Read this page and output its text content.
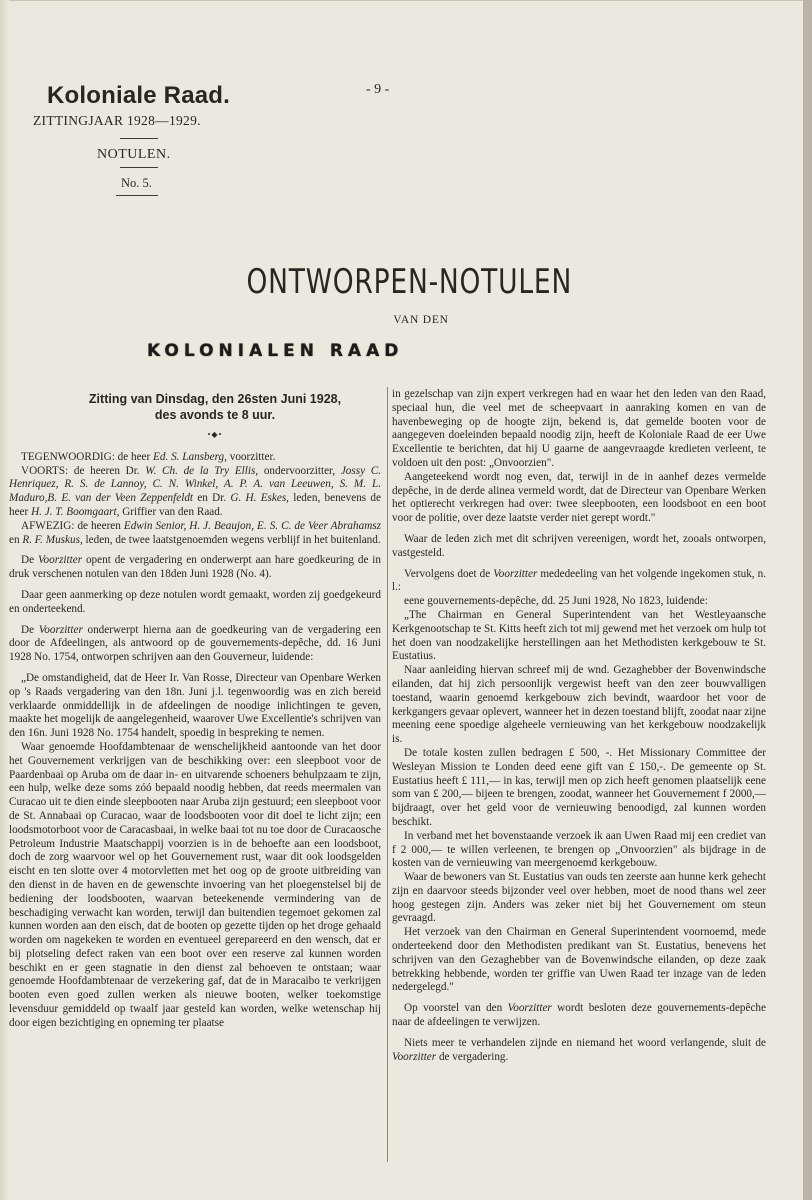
Koloniale Raad.
ZITTINGJAAR 1928—1929.
NOTULEN.
No. 5.
- 9 -
ONTWORPEN-NOTULEN
VAN DEN
KOLONIALEN RAAD
Zitting van Dinsdag, den 26sten Juni 1928,
des avonds te 8 uur.
•◆•

TEGENWOORDIG: de heer Ed. S. Lansberg, voorzitter.

VOORTS: de heeren Dr. W. Ch. de la Try Ellis, ondervoorzitter, Jossy C. Henriquez, R. S. de Lannoy, C. N. Winkel, A. P. A. van Leeuwen, S. M. L. Maduro,B. E. van der Veen Zeppenfeldt en Dr. G. H. Eskes, leden, benevens de heer H. J. T. Boomgaart, Griffier van den Raad.

AFWEZIG: de heeren Edwin Senior, H. J. Beaujon, E. S. C. de Veer Abrahamsz en R. F. Muskus, leden, de twee laatstgenoemden wegens verblijf in het buitenland.

De Voorzitter opent de vergadering en onderwerpt aan hare goedkeuring de in druk verschenen notulen van den 18den Juni 1928 (No. 4).

Daar geen aanmerking op deze notulen wordt gemaakt, worden zij goedgekeurd en onderteekend.

De Voorzitter onderwerpt hierna aan de goedkeuring van de vergadering een door de Afdeelingen, als antwoord op de gouvernements-depêche, dd. 16 Juni 1928 No. 1754, ontworpen schrijven aan den Gouverneur, luidende:

„De omstandigheid, dat de Heer Ir. Van Rosse, Directeur van Openbare Werken op 's Raads vergadering van den 18n. Juni j.l. tegenwoordig was en zich bereid verklaarde onmiddellijk in de afdeelingen de noodige inlichtingen te geven, maakte het mogelijk de aangelegenheid, waarover Uwe Excellentie's schrijven van den 16n. Juni 1928 No. 1754 handelt, spoedig in bespreking te nemen.

Waar genoemde Hoofdambtenaar de wenschelijkheid aantoonde van het door het Gouvernement verkrijgen van de beschikking over: een sleepboot voor de Paardenbaai op Aruba om de daar in- en uitvarende schoeners behulpzaam te zijn, een hulp, welke deze soms zóó bepaald noodig hebben, dat reeds meermalen van Curacao uit te dien einde sleepbooten naar Aruba zijn gestuurd; een sleepboot voor de St. Annabaai op Curacao, waar de loodsbooten voor dit doel te licht zijn; een loodsmotorboot voor de Caracasbaai, in welke baai tot nu toe door de Curacaosche Petroleum Industrie Maatschappij voorzien is in de behoefte aan een loodsboot, doch de zorg waarvoor wel op het Gouvernement rust, waar dit ook loodsgelden eischt en ten slotte over 4 motorvletten met het oog op de groote uitbreiding van den dienst in de haven en de gewenschte invoering van het ploegenstelsel bij de bediening der loodsbooten, waarvan beteekenende vermindering van de beschadiging verwacht kan worden, terwijl dan buitendien tegemoet gekomen zal kunnen worden aan den eisch, dat de booten op gezette tijden op het droge gehaald worden om nagekeken te worden en eventueel gerepareerd en den wensch, dat er bij plotseling defect raken van een boot over een reserve zal kunnen worden beschikt en er geen stagnatie in den dienst zal behoeven te ontstaan; waar genoemde Hoofdambtenaar de verzekering gaf, dat de in Maracaibo te verkrijgen booten even goed zullen werken als nieuwe booten, welker toekomstige levensduur gemiddeld op twaalf jaar gesteld kan worden, welke wetenschap hij door eigen bezichtiging en opneming ter plaatse

in gezelschap van zijn expert verkregen had en waar het den leden van den Raad, speciaal hun, die veel met de scheepvaart in aanraking komen en van de havenbeweging op de hoogte zijn, bekend is, dat gemelde booten voor de aangegeven doeleinden bepaald noodig zijn, heeft de Koloniale Raad de eer Uwe Excellentie te berichten, dat hij U gaarne de aangevraagde kredieten verleent, te voldoen uit den post: „Onvoorzien".

Aangeteekend wordt nog even, dat, terwijl in de in aanhef dezes vermelde depêche, in de derde alinea vermeld wordt, dat de Directeur van Openbare Werken het optierecht verkregen had over: twee sleepbooten, een loodsboot en een boot voor de politie, over deze laatste verder niet gerept wordt."

Waar de leden zich met dit schrijven vereenigen, wordt het, zooals ontworpen, vastgesteld.

Vervolgens doet de Voorzitter mededeeling van het volgende ingekomen stuk, n. l.:

eene gouvernements-depêche, dd. 25 Juni 1928, No 1823, luidende:

„The Chairman en General Superintendent van het Westleyaansche Kerkgenootschap te St. Kitts heeft zich tot mij gewend met het verzoek om hulp tot het doen van noodzakelijke herstellingen aan het Methodisten kerkgebouw te St. Eustatius.

Naar aanleiding hiervan schreef mij de wnd. Gezaghebber der Bovenwindsche eilanden, dat hij zich persoonlijk vergewist heeft van den zeer bouwvalligen toestand, waarin genoemd kerkgebouw zich bevindt, waardoor het voor de kerkgangers gevaar oplevert, wanneer het in dezen toestand blijft, zoodat naar zijne meening eene spoedige algeheele vernieuwing van het kerkgebouw noodzakelijk is.

De totale kosten zullen bedragen £ 500, -. Het Missionary Committee der Wesleyan Mission te Londen deed eene gift van £ 150,-. De gemeente op St. Eustatius heeft £ 111,— in kas, terwijl men op zich heeft genomen plaatselijk eene som van £ 200,— bijeen te brengen, zoodat, wanneer het Gouvernement f 2000,— bijdraagt, over het geld voor de vernieuwing benoodigd, zal kunnen worden beschikt.

In verband met het bovenstaande verzoek ik aan Uwen Raad mij een crediet van f 2 000,— te willen verleenen, te brengen op „Onvoorzien" als bijdrage in de kosten van de vernieuwing van meergenoemd kerkgebouw.

Waar de bewoners van St. Eustatius van ouds ten zeerste aan hunne kerk gehecht zijn en daarvoor steeds bijzonder veel over hebben, moet de nood thans wel zeer hoog gestegen zijn. Anders was zeker niet bij het Gouvernement om steun gevraagd.

Het verzoek van den Chairman en General Superintendent voornoemd, mede onderteekend door den Methodisten predikant van St. Eustatius, benevens het schrijven van den Gezaghebber van de Bovenwindsche eilanden, op deze zaak betrekking hebbende, worden ter griffie van Uwen Raad ter inzage van de leden nedergelegd."

Op voorstel van den Voorzitter wordt besloten deze gouvernements-depêche naar de afdeelingen te verwijzen.

Niets meer te verhandelen zijnde en niemand het woord verlangende, sluit de Voorzitter de vergadering.
